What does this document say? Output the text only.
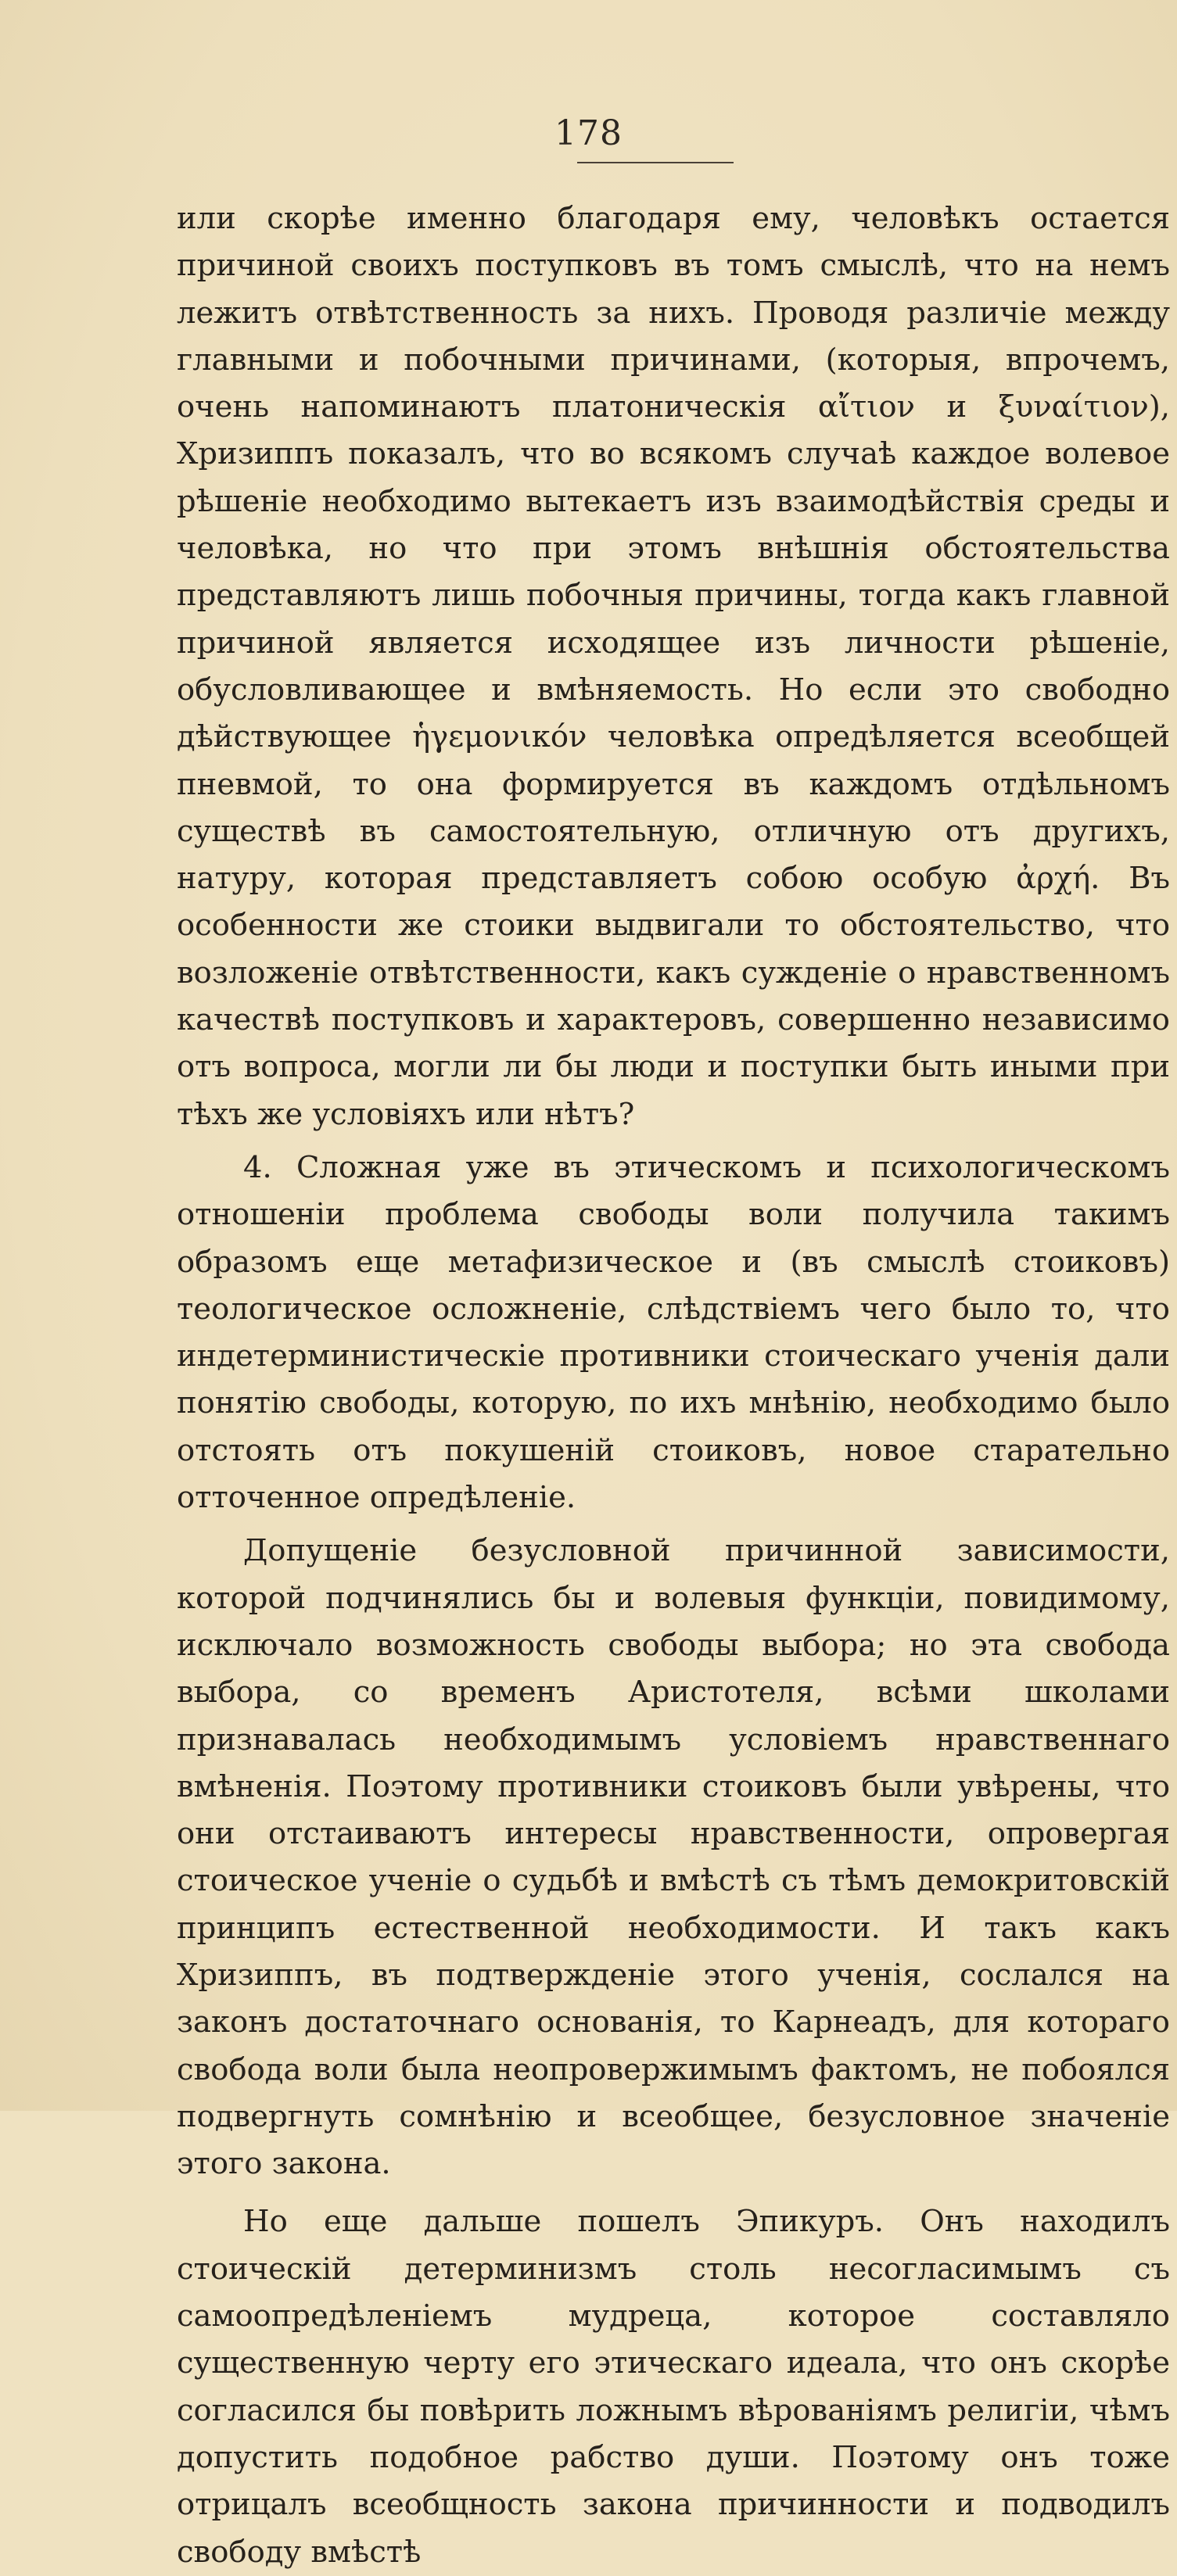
178

или скорѣе именно благодаря ему, человѣкъ остается причиной своихъ поступковъ въ томъ смыслѣ, что на немъ лежитъ отвѣтственность за нихъ. Проводя различіе между главными и побочными причинами, (которыя, впрочемъ, очень напоминаютъ платоническія αἴτιον и ξυναίτιον), Хризиппъ показалъ, что во всякомъ случаѣ каждое волевое рѣшеніе необходимо вытекаетъ изъ взаимодѣйствія среды и человѣка, но что при этомъ внѣшнія обстоятельства представляютъ лишь побочныя причины, тогда какъ главной причиной является исходящее изъ личности рѣшеніе, обусловливающее и вмѣняемость. Но если это свободно дѣйствующее ἡγεμονικόν человѣка опредѣляется всеобщей пневмой, то она формируется въ каждомъ отдѣльномъ существѣ въ самостоятельную, отличную отъ другихъ, натуру, которая представляетъ собою особую ἀρχή. Въ особенности же стоики выдвигали то обстоятельство, что возложеніе отвѣтственности, какъ сужденіе о нравственномъ качествѣ поступковъ и характеровъ, совершенно независимо отъ вопроса, могли ли бы люди и поступки быть иными при тѣхъ же условіяхъ или нѣтъ?

4. Сложная уже въ этическомъ и психологическомъ отношеніи проблема свободы воли получила такимъ образомъ еще метафизическое и (въ смыслѣ стоиковъ) теологическое осложненіе, слѣдствіемъ чего было то, что индетерминистическіе противники стоическаго ученія дали понятію свободы, которую, по ихъ мнѣнію, необходимо было отстоять отъ покушеній стоиковъ, новое старательно отточенное опредѣленіе.

Допущеніе безусловной причинной зависимости, которой подчинялись бы и волевыя функціи, повидимому, исключало возможность свободы выбора; но эта свобода выбора, со временъ Аристотеля, всѣми школами признавалась необходимымъ условіемъ нравственнаго вмѣненія. Поэтому противники стоиковъ были увѣрены, что они отстаиваютъ интересы нравственности, опровергая стоическое ученіе о судьбѣ и вмѣстѣ съ тѣмъ демокритовскій принципъ естественной необходимости. И такъ какъ Хризиппъ, въ подтвержденіе этого ученія, сослался на законъ достаточнаго основанія, то Карнеадъ, для котораго свобода воли была неопровержимымъ фактомъ, не побоялся подвергнуть сомнѣнію и всеобщее, безусловное значеніе этого закона.

Но еще дальше пошелъ Эпикуръ. Онъ находилъ стоическій детерминизмъ столь несогласимымъ съ самоопредѣленіемъ мудреца, которое составляло существенную черту его этическаго идеала, что онъ скорѣе согласился бы повѣрить ложнымъ вѣрованіямъ религіи, чѣмъ допустить подобное рабство души. Поэтому онъ тоже отрицалъ всеобщность закона причинности и подводилъ свободу вмѣстѣ
